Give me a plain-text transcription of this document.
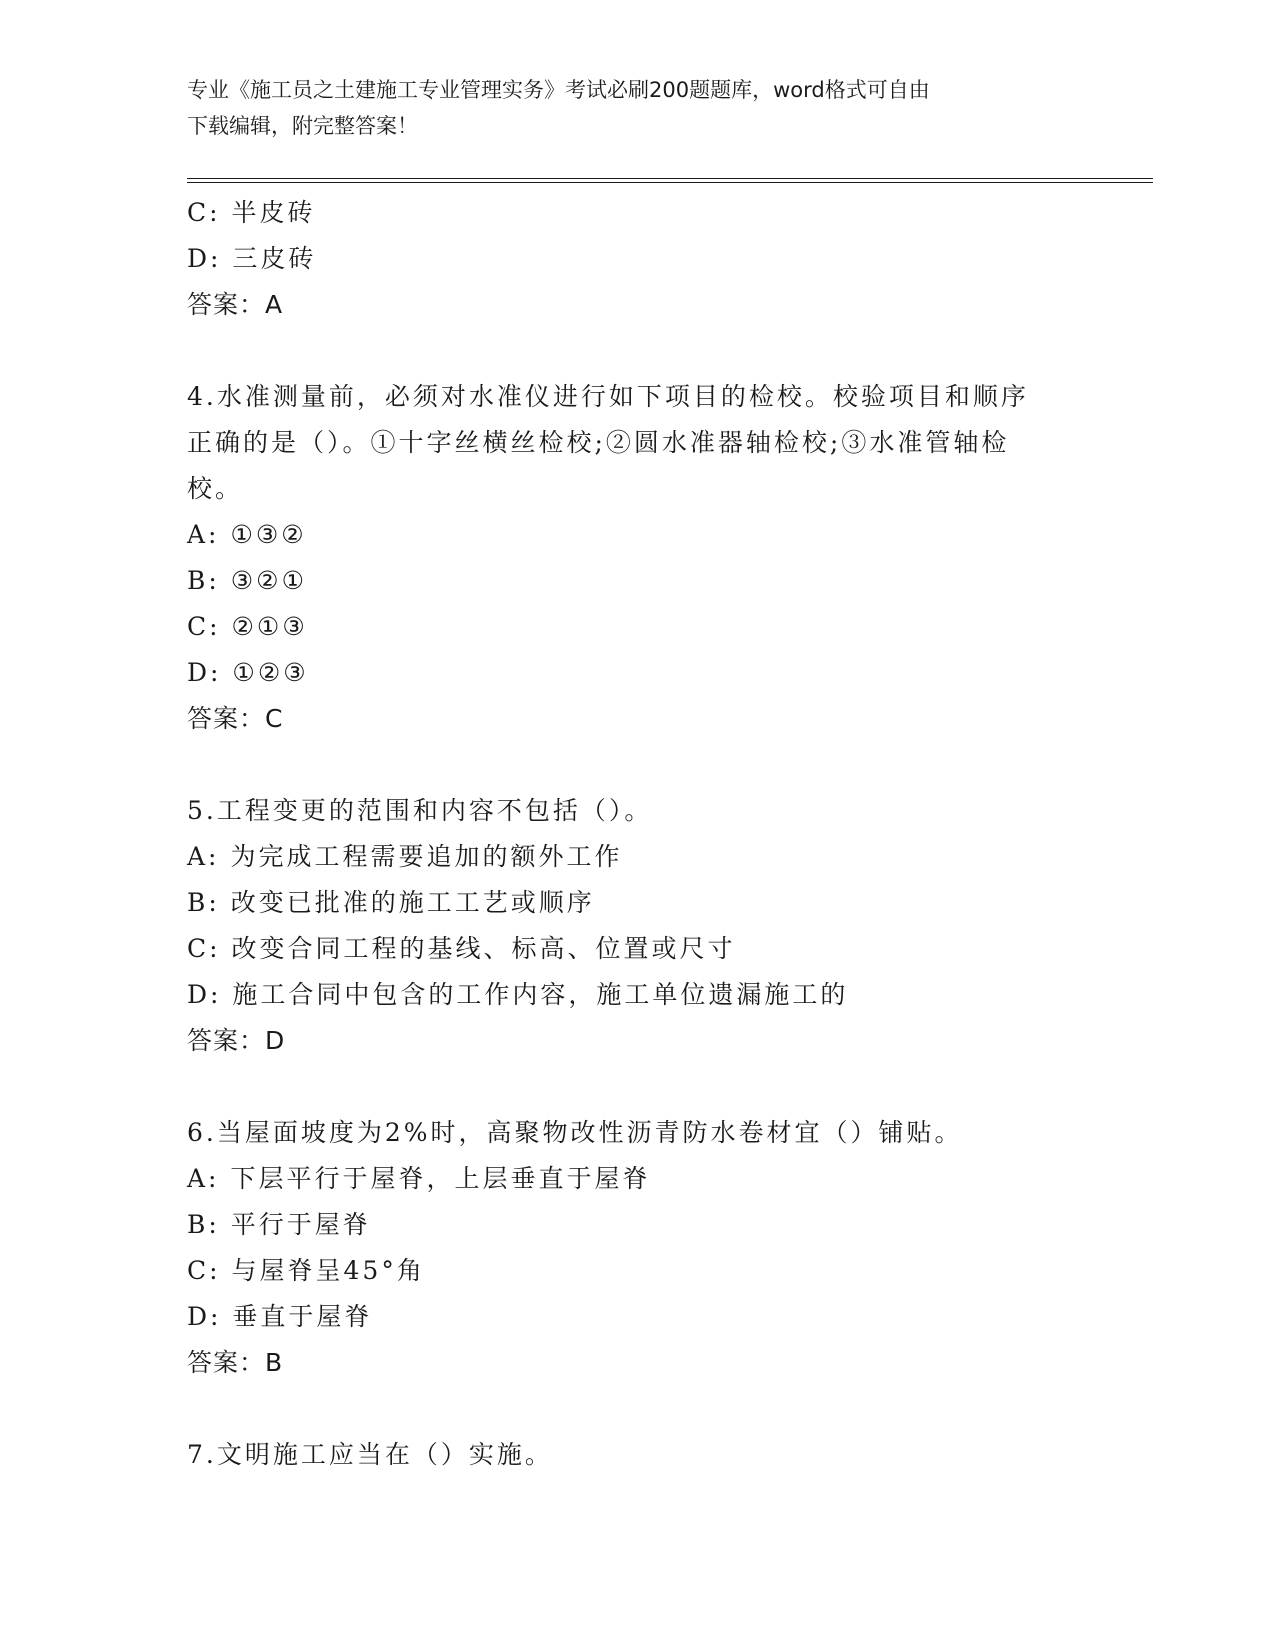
专业《施工员之土建施工专业管理实务》考试必刷200题题库，word格式可自由
下载编辑，附完整答案！
C: 半皮砖
D: 三皮砖
答案：A
4.水准测量前，必须对水准仪进行如下项目的检校。校验项目和顺序
正确的是（）。①十字丝横丝检校;②圆水准器轴检校;③水准管轴检
校。
A: ①③②
B: ③②①
C: ②①③
D: ①②③
答案：C
5.工程变更的范围和内容不包括（）。
A: 为完成工程需要追加的额外工作
B: 改变已批准的施工工艺或顺序
C: 改变合同工程的基线、标高、位置或尺寸
D: 施工合同中包含的工作内容，施工单位遗漏施工的
答案：D
6.当屋面坡度为2%时，高聚物改性沥青防水卷材宜（）铺贴。
A: 下层平行于屋脊，上层垂直于屋脊
B: 平行于屋脊
C: 与屋脊呈45°角
D: 垂直于屋脊
答案：B
7.文明施工应当在（）实施。
